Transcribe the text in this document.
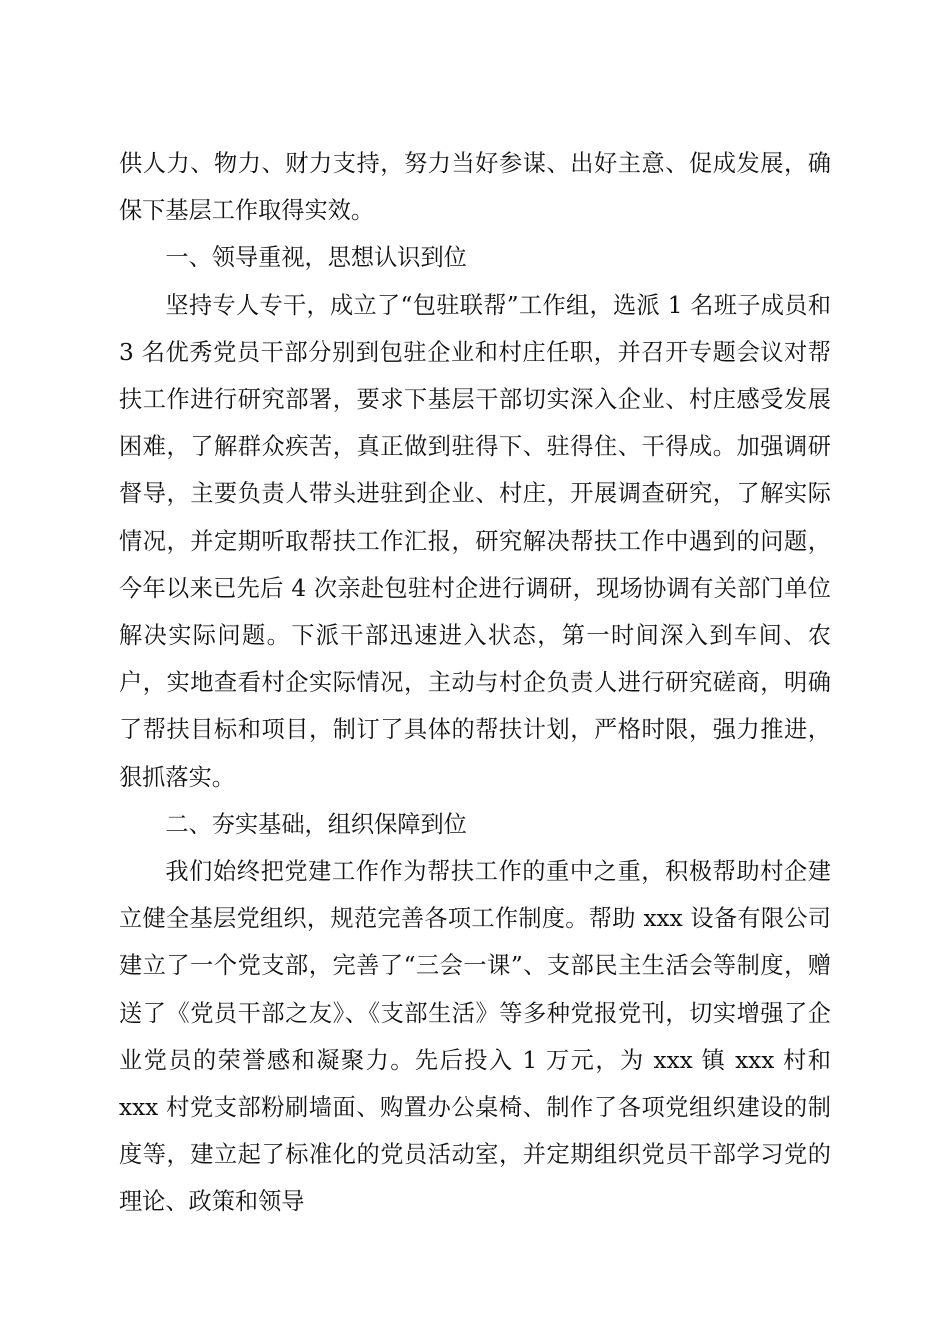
供人力、物力、财力支持，努力当好参谋、出好主意、促成发展，确保下基层工作取得实效。

一、领导重视，思想认识到位

坚持专人专干，成立了“包驻联帮”工作组，选派 1 名班子成员和 3 名优秀党员干部分别到包驻企业和村庄任职，并召开专题会议对帮扶工作进行研究部署，要求下基层干部切实深入企业、村庄感受发展困难，了解群众疾苦，真正做到驻得下、驻得住、干得成。加强调研督导，主要负责人带头进驻到企业、村庄，开展调查研究，了解实际情况，并定期听取帮扶工作汇报，研究解决帮扶工作中遇到的问题，今年以来已先后 4 次亲赴包驻村企进行调研，现场协调有关部门单位解决实际问题。下派干部迅速进入状态，第一时间深入到车间、农户，实地查看村企实际情况，主动与村企负责人进行研究磋商，明确了帮扶目标和项目，制订了具体的帮扶计划，严格时限，强力推进，狠抓落实。

二、夯实基础，组织保障到位

我们始终把党建工作作为帮扶工作的重中之重，积极帮助村企建立健全基层党组织，规范完善各项工作制度。帮助 xxx 设备有限公司建立了一个党支部，完善了“三会一课”、支部民主生活会等制度，赠送了《党员干部之友》、《支部生活》等多种党报党刊，切实增强了企业党员的荣誉感和凝聚力。先后投入 1 万元，为 xxx 镇 xxx 村和 xxx 村党支部粉刷墙面、购置办公桌椅、制作了各项党组织建设的制度等，建立起了标准化的党员活动室，并定期组织党员干部学习党的理论、政策和领导
